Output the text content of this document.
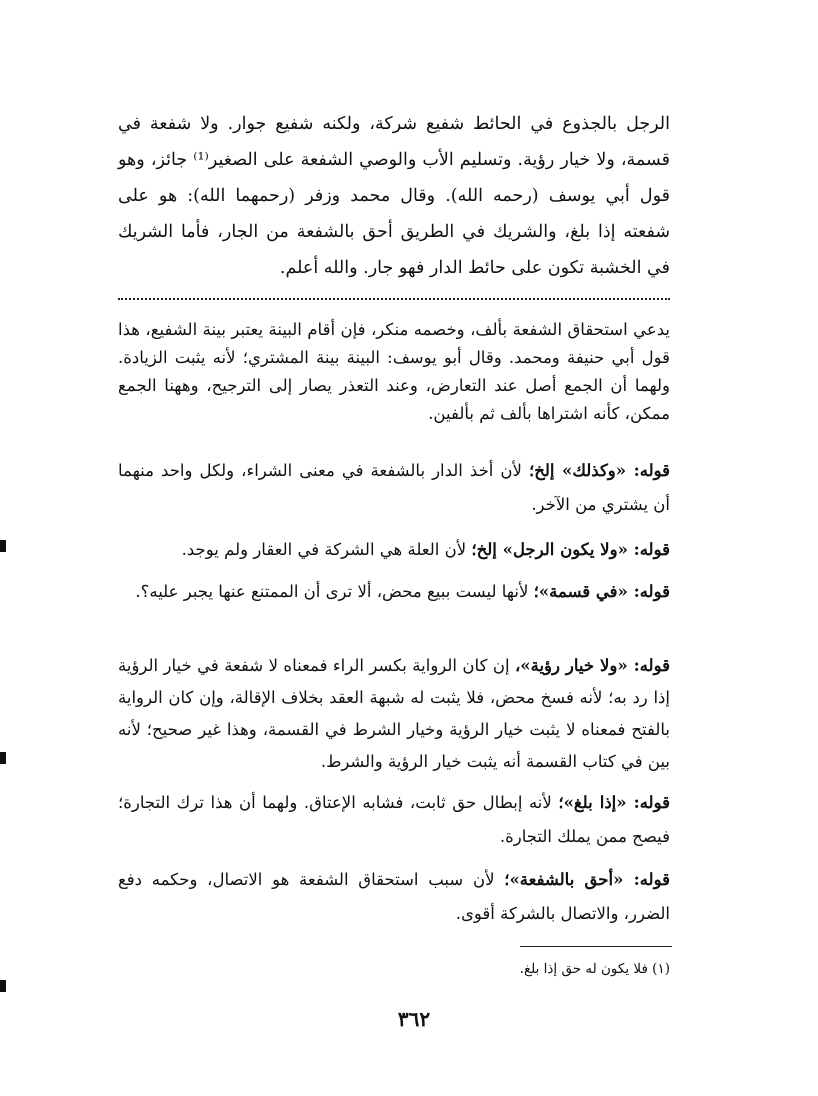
الرجل بالجذوع في الحائط شفيع شركة، ولكنه شفيع جوار. ولا شفعة في قسمة، ولا خيار رؤية. وتسليم الأب والوصي الشفعة على الصغير⁽¹⁾ جائز، وهو قول أبي يوسف (رحمه الله). وقال محمد وزفر (رحمهما الله): هو على شفعته إذا بلغ، والشريك في الطريق أحق بالشفعة من الجار، فأما الشريك في الخشبة تكون على حائط الدار فهو جار. والله أعلم.

يدعي استحقاق الشفعة بألف، وخصمه منكر، فإن أقام البينة يعتبر بينة الشفيع، هذا قول أبي حنيفة ومحمد. وقال أبو يوسف: البينة بينة المشتري؛ لأنه يثبت الزيادة. ولهما أن الجمع أصل عند التعارض، وعند التعذر يصار إلى الترجيح، وههنا الجمع ممكن، كأنه اشتراها بألف ثم بألفين.

قوله: «وكذلك» إلخ؛ لأن أخذ الدار بالشفعة في معنى الشراء، ولكل واحد منهما أن يشتري من الآخر.

قوله: «ولا يكون الرجل» إلخ؛ لأن العلة هي الشركة في العقار ولم يوجد.

قوله: «في قسمة»؛ لأنها ليست ببيع محض، ألا ترى أن الممتنع عنها يجبر عليه؟.

قوله: «ولا خيار رؤية»، إن كان الرواية بكسر الراء فمعناه لا شفعة في خيار الرؤية إذا رد به؛ لأنه فسخ محض، فلا يثبت له شبهة العقد بخلاف الإقالة، وإن كان الرواية بالفتح فمعناه لا يثبت خيار الرؤية وخيار الشرط في القسمة، وهذا غير صحيح؛ لأنه بين في كتاب القسمة أنه يثبت خيار الرؤية والشرط.

قوله: «إذا بلغ»؛ لأنه إبطال حق ثابت، فشابه الإعتاق. ولهما أن هذا ترك التجارة؛ فيصح ممن يملك التجارة.

قوله: «أحق بالشفعة»؛ لأن سبب استحقاق الشفعة هو الاتصال، وحكمه دفع الضرر، والاتصال بالشركة أقوى.

(١) فلا يكون له حق إذا بلغ.

٣٦٢
